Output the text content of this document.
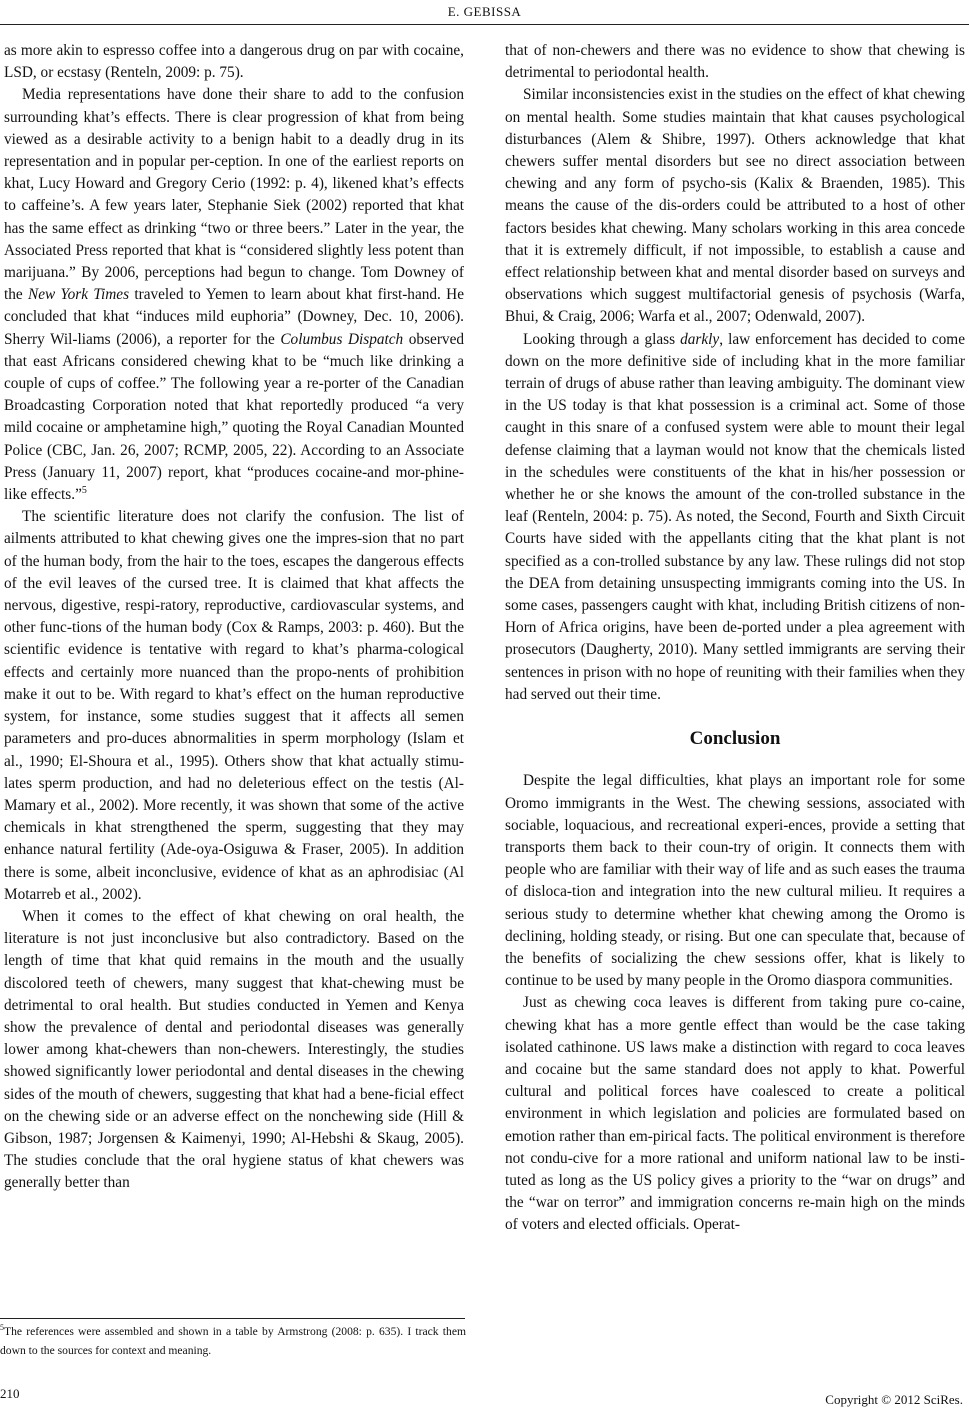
E. GEBISSA

as more akin to espresso coffee into a dangerous drug on par with cocaine, LSD, or ecstasy (Renteln, 2009: p. 75).

Media representations have done their share to add to the confusion surrounding khat’s effects. There is clear progression of khat from being viewed as a desirable activity to a benign habit to a deadly drug in its representation and in popular per-ception. In one of the earliest reports on khat, Lucy Howard and Gregory Cerio (1992: p. 4), likened khat’s effects to caffeine’s. A few years later, Stephanie Siek (2002) reported that khat has the same effect as drinking “two or three beers.” Later in the year, the Associated Press reported that khat is “considered slightly less potent than marijuana.” By 2006, perceptions had begun to change. Tom Downey of the New York Times traveled to Yemen to learn about khat first-hand. He concluded that khat “induces mild euphoria” (Downey, Dec. 10, 2006). Sherry Wil-liams (2006), a reporter for the Columbus Dispatch observed that east Africans considered chewing khat to be “much like drinking a couple of cups of coffee.” The following year a re-porter of the Canadian Broadcasting Corporation noted that khat reportedly produced “a very mild cocaine or amphetamine high,” quoting the Royal Canadian Mounted Police (CBC, Jan. 26, 2007; RCMP, 2005, 22). According to an Associate Press (January 11, 2007) report, khat “produces cocaine-and mor-phine-like effects.”$^5$

The scientific literature does not clarify the confusion. The list of ailments attributed to khat chewing gives one the impres-sion that no part of the human body, from the hair to the toes, escapes the dangerous effects of the evil leaves of the cursed tree. It is claimed that khat affects the nervous, digestive, respi-ratory, reproductive, cardiovascular systems, and other func-tions of the human body (Cox & Ramps, 2003: p. 460). But the scientific evidence is tentative with regard to khat’s pharma-cological effects and certainly more nuanced than the propo-nents of prohibition make it out to be. With regard to khat’s effect on the human reproductive system, for instance, some studies suggest that it affects all semen parameters and pro-duces abnormalities in sperm morphology (Islam et al., 1990; El-Shoura et al., 1995). Others show that khat actually stimu-lates sperm production, and had no deleterious effect on the testis (Al-Mamary et al., 2002). More recently, it was shown that some of the active chemicals in khat strengthened the sperm, suggesting that they may enhance natural fertility (Ade-oya-Osiguwa & Fraser, 2005). In addition there is some, albeit inconclusive, evidence of khat as an aphrodisiac (Al Motarreb et al., 2002).

When it comes to the effect of khat chewing on oral health, the literature is not just inconclusive but also contradictory. Based on the length of time that khat quid remains in the mouth and the usually discolored teeth of chewers, many suggest that khat-chewing must be detrimental to oral health. But studies conducted in Yemen and Kenya show the prevalence of dental and periodontal diseases was generally lower among khat-chewers than non-chewers. Interestingly, the studies showed significantly lower periodontal and dental diseases in the chewing sides of the mouth of chewers, suggesting that khat had a bene-ficial effect on the chewing side or an adverse effect on the nonchewing side (Hill & Gibson, 1987; Jorgensen & Kaimenyi, 1990; Al-Hebshi & Skaug, 2005). The studies conclude that the oral hygiene status of khat chewers was generally better than

that of non-chewers and there was no evidence to show that chewing is detrimental to periodontal health.

Similar inconsistencies exist in the studies on the effect of khat chewing on mental health. Some studies maintain that khat causes psychological disturbances (Alem & Shibre, 1997). Others acknowledge that khat chewers suffer mental disorders but see no direct association between chewing and any form of psycho-sis (Kalix & Braenden, 1985). This means the cause of the dis-orders could be attributed to a host of other factors besides khat chewing. Many scholars working in this area concede that it is extremely difficult, if not impossible, to establish a cause and effect relationship between khat and mental disorder based on surveys and observations which suggest multifactorial genesis of psychosis (Warfa, Bhui, & Craig, 2006; Warfa et al., 2007; Odenwald, 2007).

Looking through a glass darkly, law enforcement has decided to come down on the more definitive side of including khat in the more familiar terrain of drugs of abuse rather than leaving ambiguity. The dominant view in the US today is that khat possession is a criminal act. Some of those caught in this snare of a confused system were able to mount their legal defense claiming that a layman would not know that the chemicals listed in the schedules were constituents of the khat in his/her possession or whether he or she knows the amount of the con-trolled substance in the leaf (Renteln, 2004: p. 75). As noted, the Second, Fourth and Sixth Circuit Courts have sided with the appellants citing that the khat plant is not specified as a con-trolled substance by any law. These rulings did not stop the DEA from detaining unsuspecting immigrants coming into the US. In some cases, passengers caught with khat, including British citizens of non-Horn of Africa origins, have been de-ported under a plea agreement with prosecutors (Daugherty, 2010). Many settled immigrants are serving their sentences in prison with no hope of reuniting with their families when they had served out their time.

Conclusion

Despite the legal difficulties, khat plays an important role for some Oromo immigrants in the West. The chewing sessions, associated with sociable, loquacious, and recreational experi-ences, provide a setting that transports them back to their coun-try of origin. It connects them with people who are familiar with their way of life and as such eases the trauma of disloca-tion and integration into the new cultural milieu. It requires a serious study to determine whether khat chewing among the Oromo is declining, holding steady, or rising. But one can speculate that, because of the benefits of socializing the chew sessions offer, khat is likely to continue to be used by many people in the Oromo diaspora communities.

Just as chewing coca leaves is different from taking pure co-caine, chewing khat has a more gentle effect than would be the case taking isolated cathinone. US laws make a distinction with regard to coca leaves and cocaine but the same standard does not apply to khat. Powerful cultural and political forces have coalesced to create a political environment in which legislation and policies are formulated based on emotion rather than em-pirical facts. The political environment is therefore not condu-cive for a more rational and uniform national law to be insti-tuted as long as the US policy gives a priority to the “war on drugs” and the “war on terror” and immigration concerns re-main high on the minds of voters and elected officials. Operat-

$^5$The references were assembled and shown in a table by Armstrong (2008: p. 635). I track them down to the sources for context and meaning.
210	Copyright © 2012 SciRes.
